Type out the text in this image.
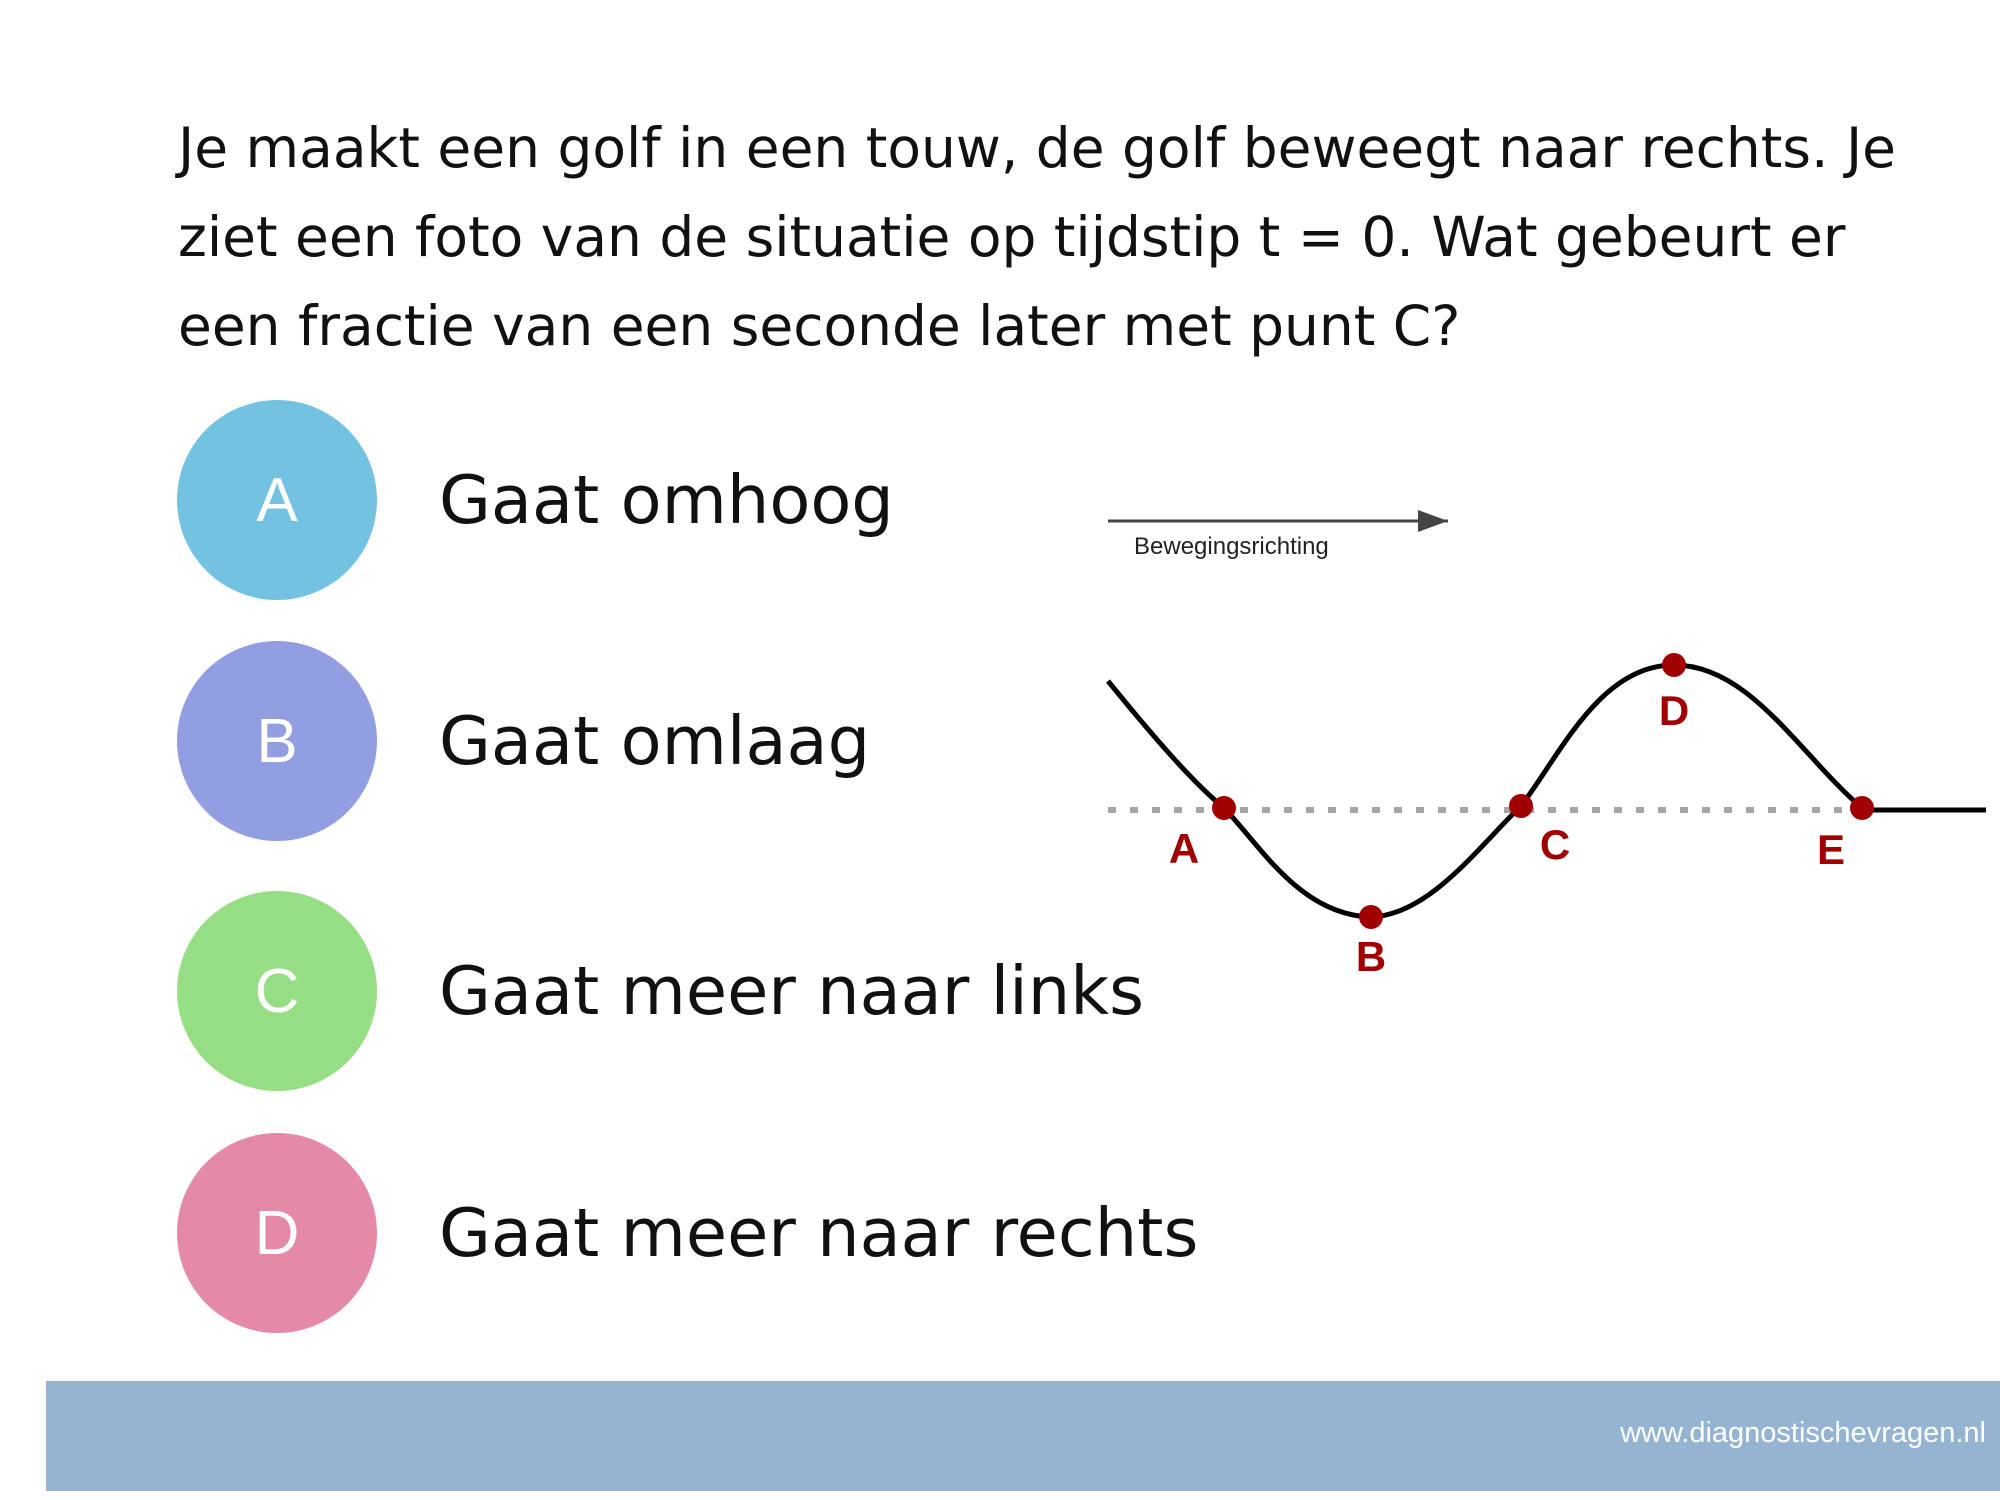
Je maakt een golf in een touw, de golf beweegt naar rechts. Je ziet een foto van de situatie op tijdstip t = 0. Wat gebeurt er een fractie van een seconde later met punt C?

A	Gaat omhoog
B	Gaat omlaag
C	Gaat meer naar links
D	Gaat meer naar rechts
Bewegingsrichting
A
B
C
D
E
www.diagnostischevragen.nl
